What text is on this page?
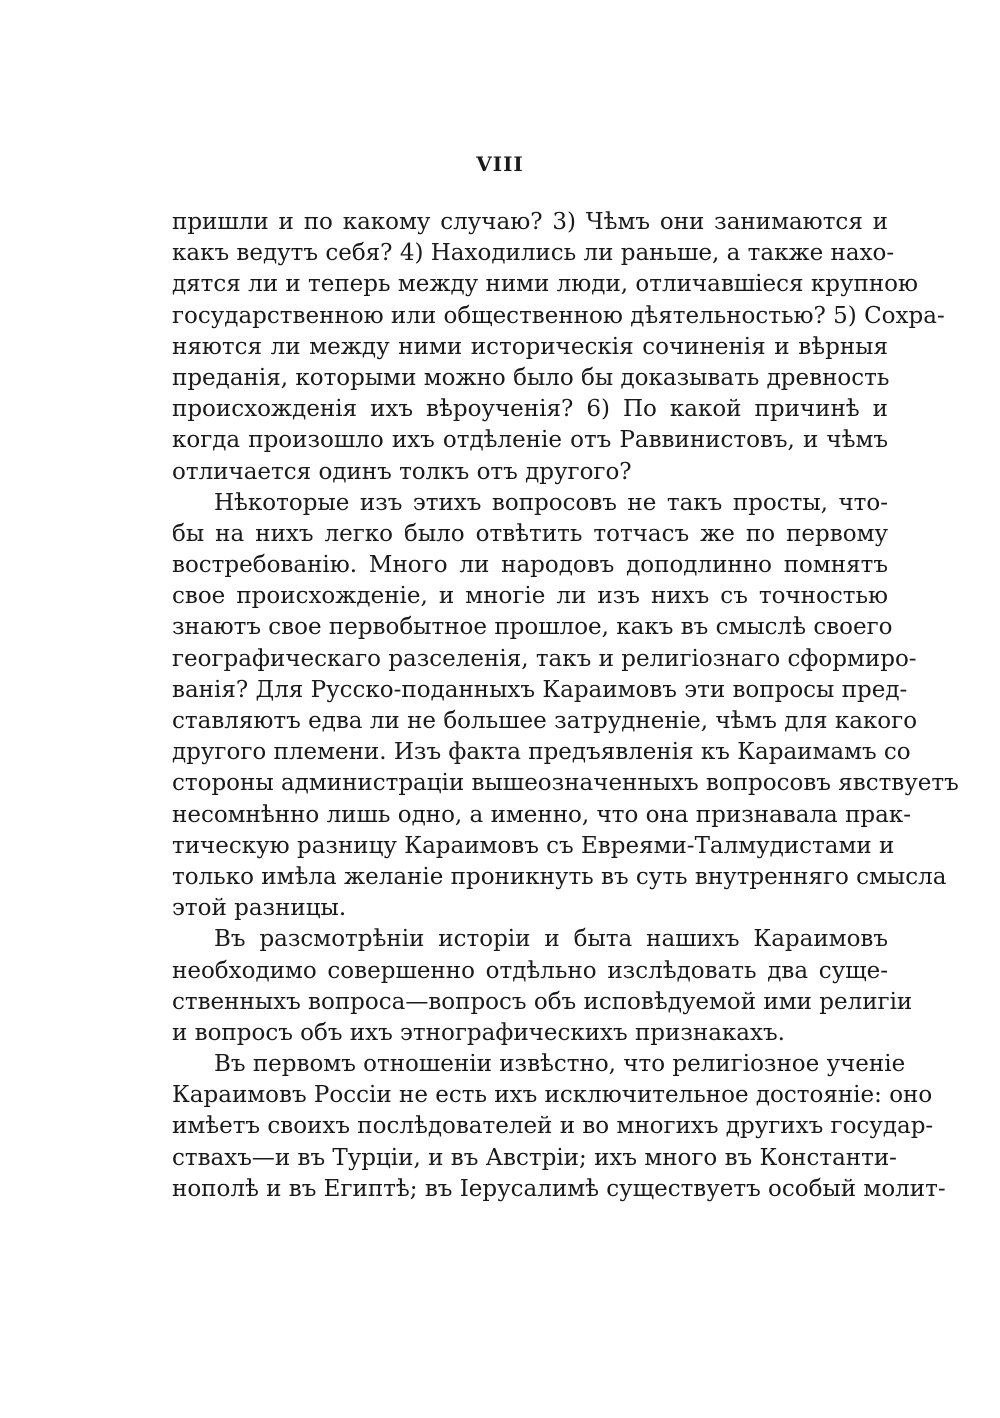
VIII
пришли и по какому случаю? 3) Чѣмъ они занимаются и
какъ ведутъ себя? 4) Находились ли раньше, а также нахо-
дятся ли и теперь между ними люди, отличавшіеся крупною
государственною или общественною дѣятельностью? 5) Сохра-
няются ли между ними историческія сочиненія и вѣрныя
преданія, которыми можно было бы доказывать древность
происхожденія ихъ вѣроученія? 6) По какой причинѣ и
когда произошло ихъ отдѣленіе отъ Раввинистовъ, и чѣмъ
отличается одинъ толкъ отъ другого?
Нѣкоторые изъ этихъ вопросовъ не такъ просты, что-
бы на нихъ легко было отвѣтить тотчасъ же по первому
востребованію. Много ли народовъ доподлинно помнятъ
свое происхожденіе, и многіе ли изъ нихъ съ точностью
знаютъ свое первобытное прошлое, какъ въ смыслѣ своего
географическаго разселенія, такъ и религіознаго сформиро-
ванія? Для Русско-поданныхъ Караимовъ эти вопросы пред-
ставляютъ едва ли не большее затрудненіе, чѣмъ для какого
другого племени. Изъ факта предъявленія къ Караимамъ со
стороны администраціи вышеозначенныхъ вопросовъ явствуетъ
несомнѣнно лишь одно, а именно, что она признавала прак-
тическую разницу Караимовъ съ Евреями-Талмудистами и
только имѣла желаніе проникнуть въ суть внутренняго смысла
этой разницы.
Въ разсмотрѣніи исторіи и быта нашихъ Караимовъ
необходимо совершенно отдѣльно изслѣдовать два суще-
ственныхъ вопроса—вопросъ объ исповѣдуемой ими религіи
и вопросъ объ ихъ этнографическихъ признакахъ.
Въ первомъ отношеніи извѣстно, что религіозное ученіе
Караимовъ Россіи не есть ихъ исключительное достояніе: оно
имѣетъ своихъ послѣдователей и во многихъ другихъ государ-
ствахъ—и въ Турціи, и въ Австріи; ихъ много въ Константи-
нополѣ и въ Египтѣ; въ Іерусалимѣ существуетъ особый молит-
